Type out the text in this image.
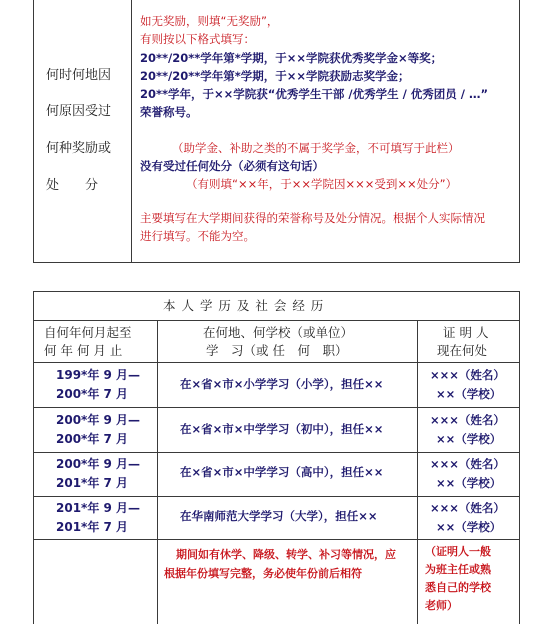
何时何地因
何原因受过
何种奖励或
处　　分
如无奖励，则填“无奖励”，
有则按以下格式填写：
20**/20**学年第*学期，于××学院获优秀奖学金×等奖；
20**/20**学年第*学期，于××学院获励志奖学金；
20**学年，于××学院获“优秀学生干部 /优秀学生 / 优秀团员 / …”
荣誉称号。
（助学金、补助之类的不属于奖学金，不可填写于此栏）
没有受过任何处分（必须有这句话）
（有则填“××年，于××学院因×××受到××处分”）
主要填写在大学期间获得的荣誉称号及处分情况。根据个人实际情况
进行填写。不能为空。
本 人 学 历 及 社 会 经 历
自何年何月起至
何 年 何 月 止
在何地、何学校（或单位）
学　习（或 任　何　职）
证 明 人
现在何处
199*年 9 月—
200*年 7 月
在×省×市×小学学习（小学），担任××
×××（姓名）
××（学校）
200*年 9 月—
200*年 7 月
在×省×市×中学学习（初中），担任××
×××（姓名）
××（学校）
200*年 9 月—
201*年 7 月
在×省×市×中学学习（高中），担任××
×××（姓名）
××（学校）
201*年 9 月—
201*年 7 月
在华南师范大学学习（大学），担任××
×××（姓名）
××（学校）
期间如有休学、降级、转学、补习等情况，应
根据年份填写完整，务必使年份前后相符
（证明人一般
为班主任或熟
悉自己的学校
老师）
